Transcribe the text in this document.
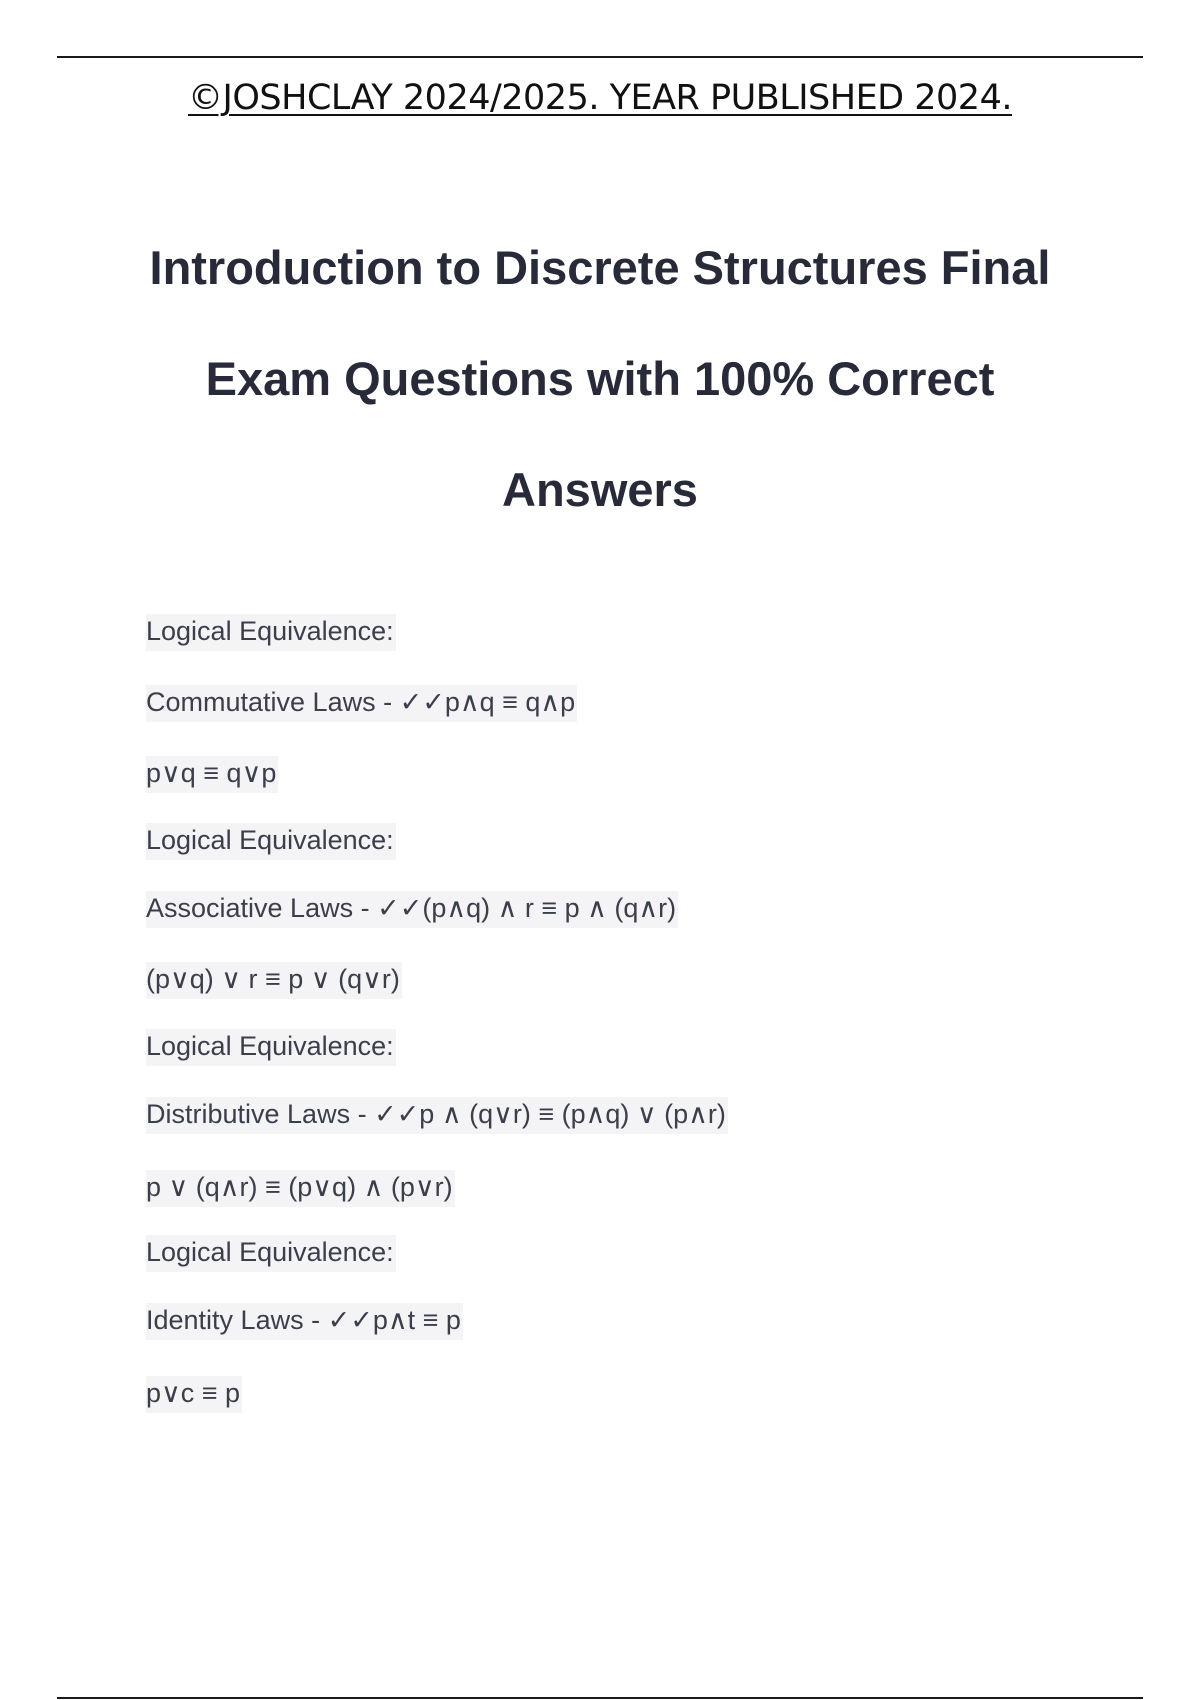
©JOSHCLAY 2024/2025. YEAR PUBLISHED 2024.
Introduction to Discrete Structures Final
Exam Questions with 100% Correct
Answers
Logical Equivalence:
Commutative Laws - ✓✓p∧q ≡ q∧p
p∨q ≡ q∨p
Logical Equivalence:
Associative Laws - ✓✓(p∧q) ∧ r ≡ p ∧ (q∧r)
(p∨q) ∨ r ≡ p ∨ (q∨r)
Logical Equivalence:
Distributive Laws - ✓✓p ∧ (q∨r) ≡ (p∧q) ∨ (p∧r)
p ∨ (q∧r) ≡ (p∨q) ∧ (p∨r)
Logical Equivalence:
Identity Laws - ✓✓p∧t ≡ p
p∨c ≡ p
